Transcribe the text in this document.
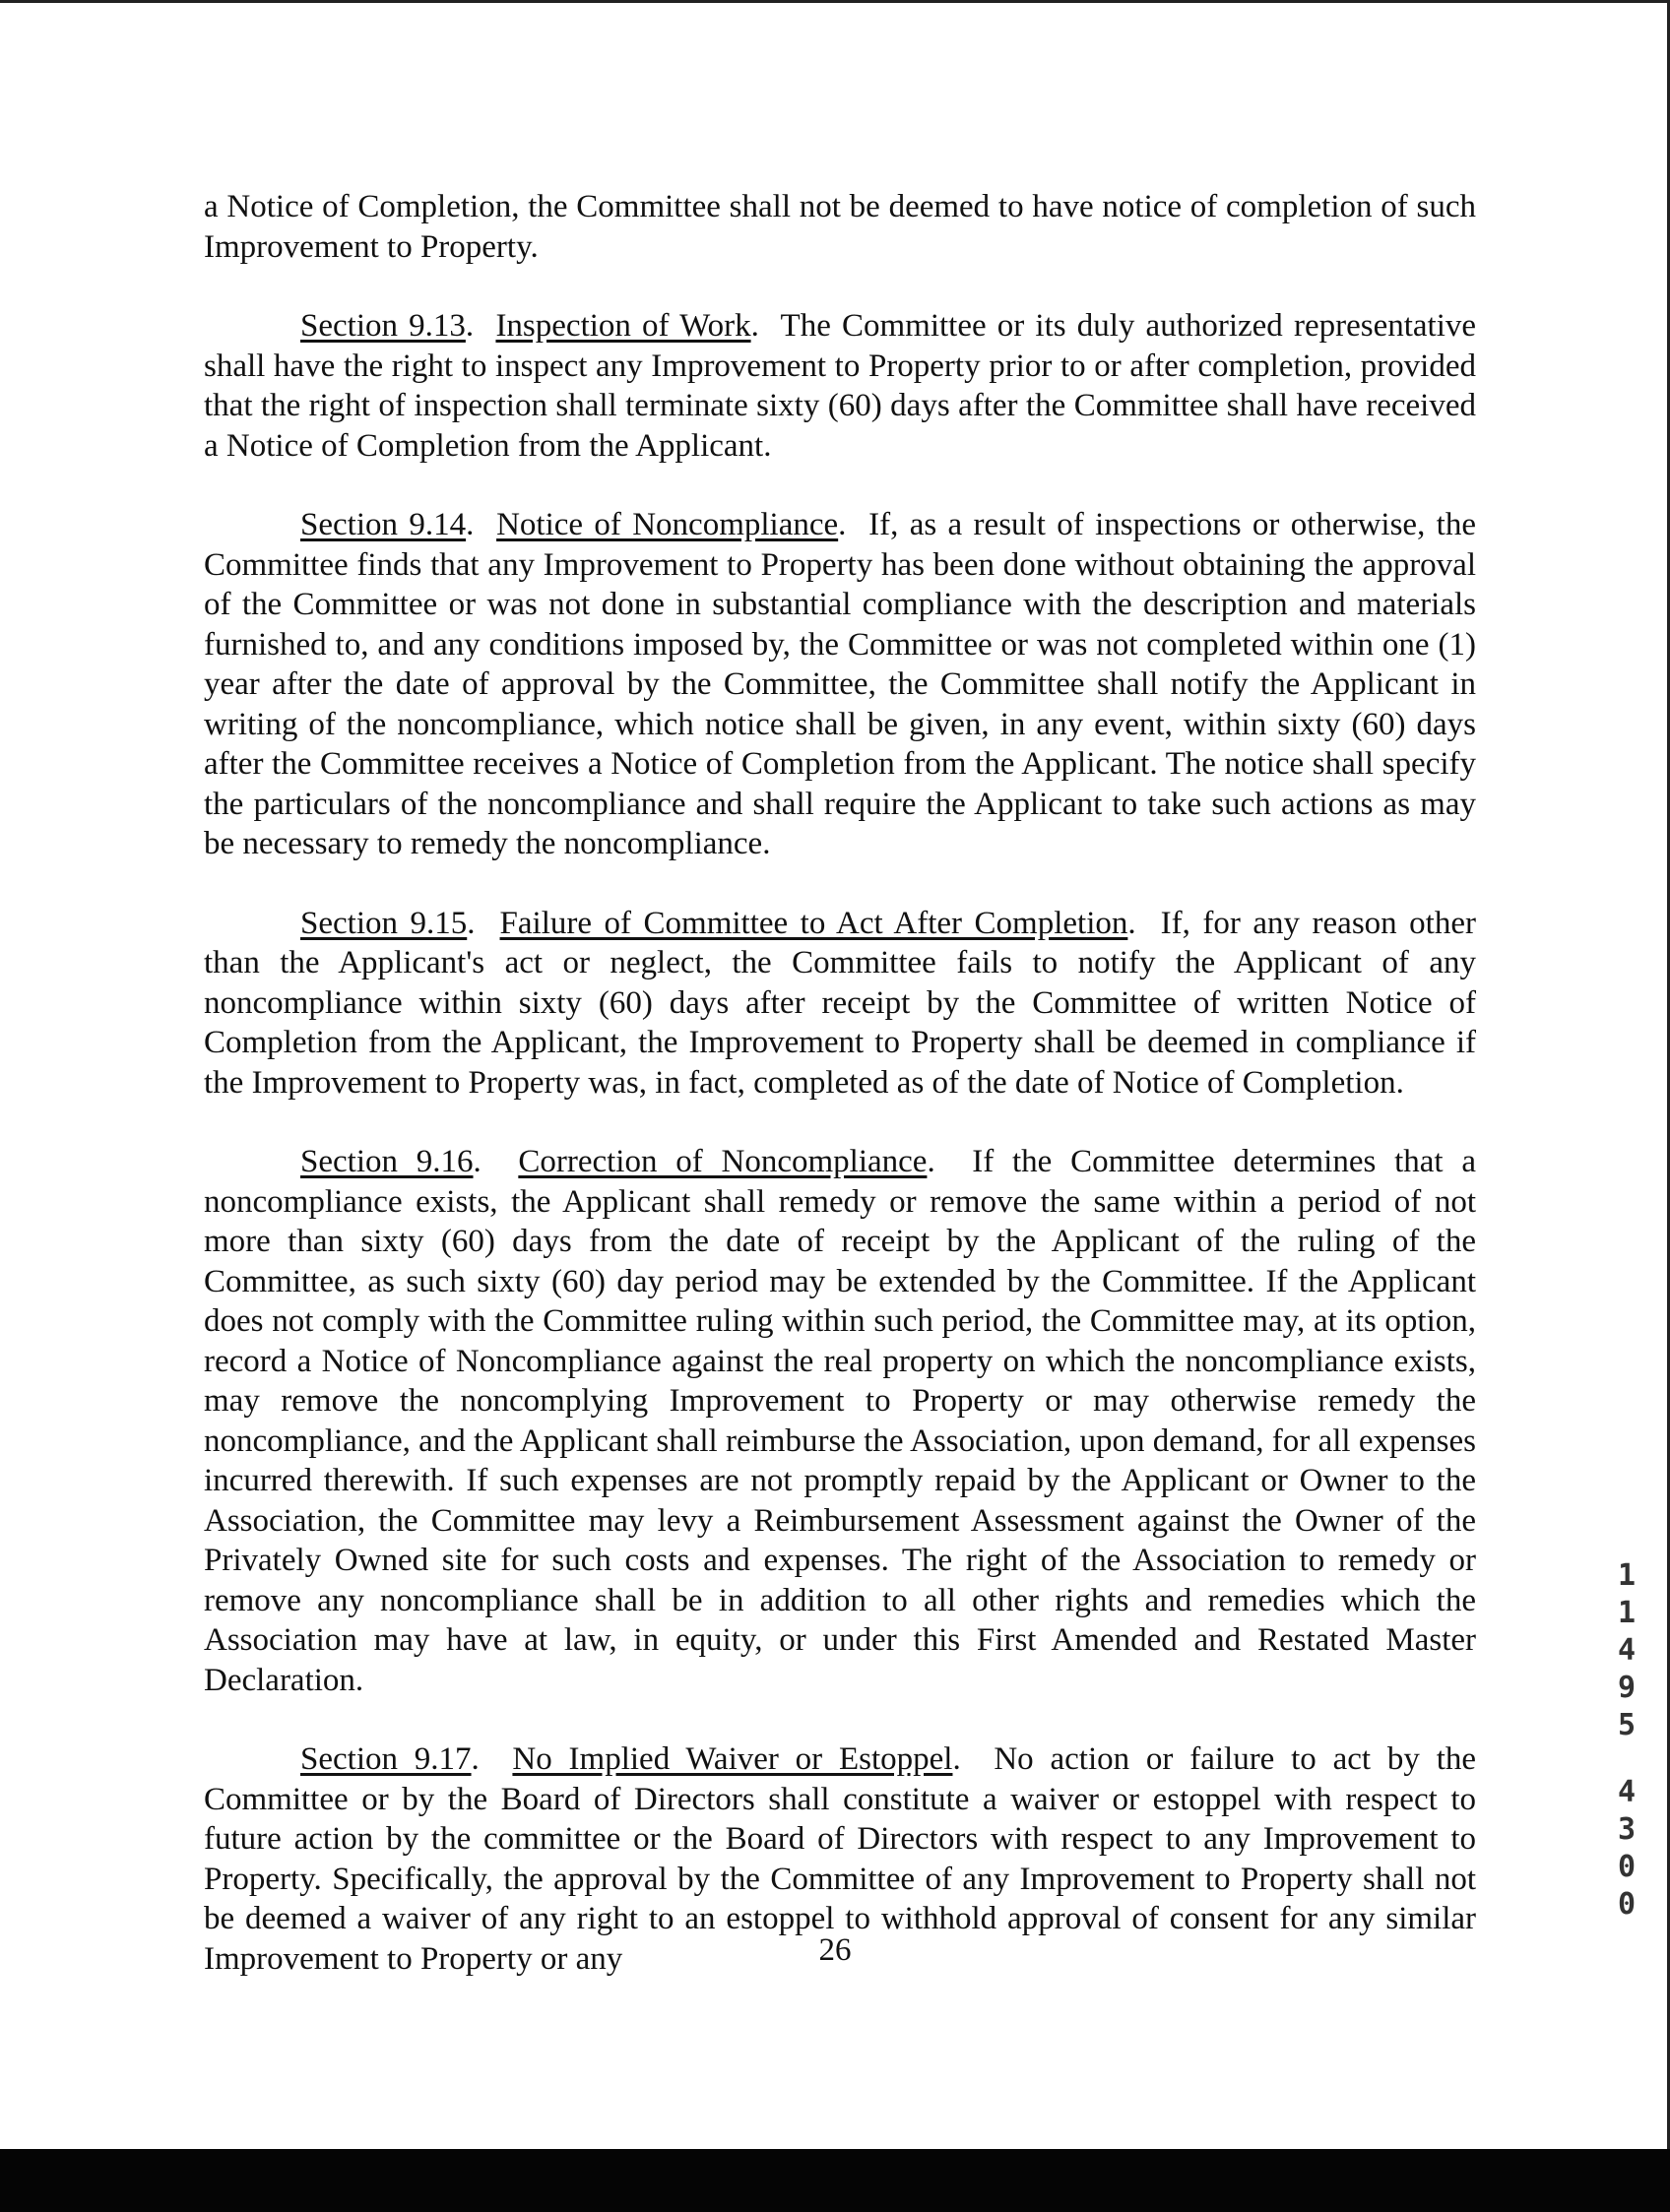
a Notice of Completion, the Committee shall not be deemed to have notice of completion of such Improvement to Property.

Section 9.13.  Inspection of Work.  The Committee or its duly authorized representative shall have the right to inspect any Improvement to Property prior to or after completion, provided that the right of inspection shall terminate sixty (60) days after the Committee shall have received a Notice of Completion from the Applicant.

Section 9.14.  Notice of Noncompliance.  If, as a result of inspections or otherwise, the Committee finds that any Improvement to Property has been done without obtaining the approval of the Committee or was not done in substantial compliance with the description and materials furnished to, and any conditions imposed by, the Committee or was not completed within one (1) year after the date of approval by the Committee, the Committee shall notify the Applicant in writing of the noncompliance, which notice shall be given, in any event, within sixty (60) days after the Committee receives a Notice of Completion from the Applicant. The notice shall specify the particulars of the noncompliance and shall require the Applicant to take such actions as may be necessary to remedy the noncompliance.

Section 9.15.  Failure of Committee to Act After Completion.  If, for any reason other than the Applicant's act or neglect, the Committee fails to notify the Applicant of any noncompliance within sixty (60) days after receipt by the Committee of written Notice of Completion from the Applicant, the Improvement to Property shall be deemed in compliance if the Improvement to Property was, in fact, completed as of the date of Notice of Completion.

Section 9.16.  Correction of Noncompliance.  If the Committee determines that a noncompliance exists, the Applicant shall remedy or remove the same within a period of not more than sixty (60) days from the date of receipt by the Applicant of the ruling of the Committee, as such sixty (60) day period may be extended by the Committee. If the Applicant does not comply with the Committee ruling within such period, the Committee may, at its option, record a Notice of Noncompliance against the real property on which the noncompliance exists, may remove the noncomplying Improvement to Property or may otherwise remedy the noncompliance, and the Applicant shall reimburse the Association, upon demand, for all expenses incurred therewith. If such expenses are not promptly repaid by the Applicant or Owner to the Association, the Committee may levy a Reimbursement Assessment against the Owner of the Privately Owned site for such costs and expenses. The right of the Association to remedy or remove any noncompliance shall be in addition to all other rights and remedies which the Association may have at law, in equity, or under this First Amended and Restated Master Declaration.

Section 9.17.  No Implied Waiver or Estoppel.  No action or failure to act by the Committee or by the Board of Directors shall constitute a waiver or estoppel with respect to future action by the committee or the Board of Directors with respect to any Improvement to Property. Specifically, the approval by the Committee of any Improvement to Property shall not be deemed a waiver of any right to an estoppel to withhold approval of consent for any similar Improvement to Property or any	26
1
1
4
9
5
4
3
0
0
